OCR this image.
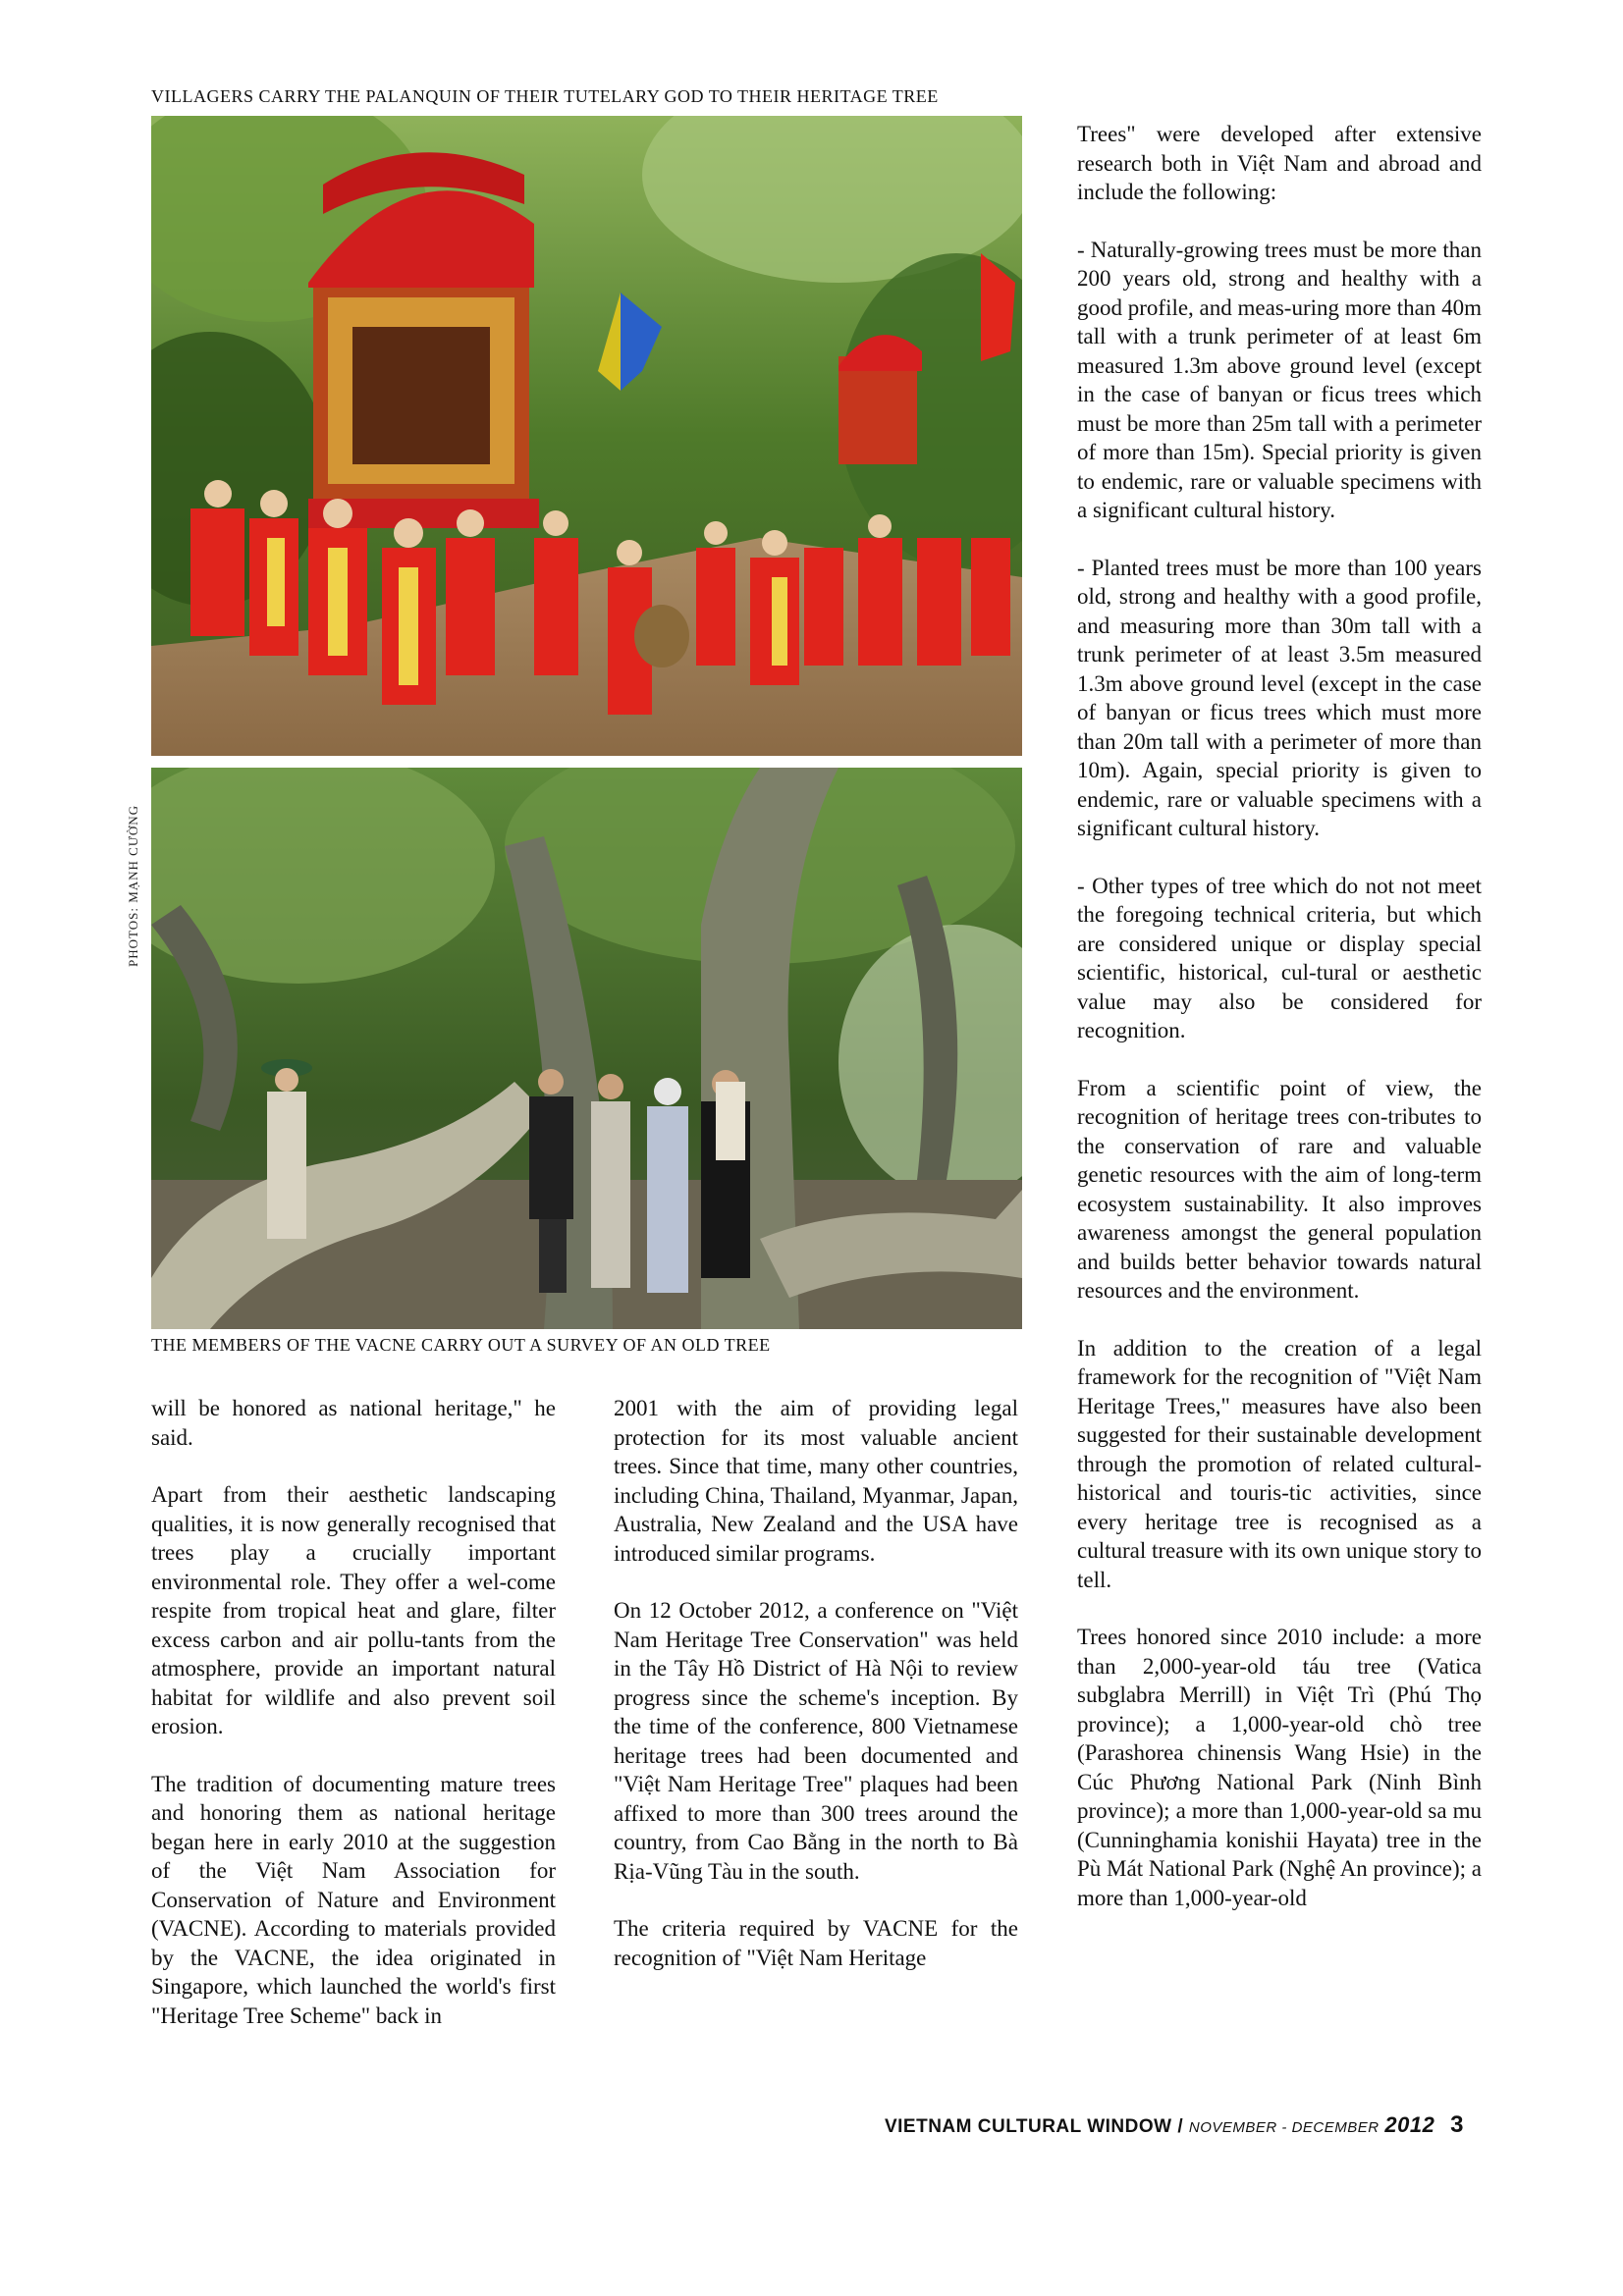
VILLAGERS CARRY THE PALANQUIN OF THEIR TUTELARY GOD TO THEIR HERITAGE TREE
PHOTOS: MẠNH CƯỜNG
THE MEMBERS OF THE VACNE CARRY OUT A SURVEY OF AN OLD TREE

will be honored as national heritage," he said.

Apart from their aesthetic landscaping qualities, it is now generally recognised that trees play a crucially important environmental role. They offer a wel-come respite from tropical heat and glare, filter excess carbon and air pollu-tants from the atmosphere, provide an important natural habitat for wildlife and also prevent soil erosion.

The tradition of documenting mature trees and honoring them as national heritage began here in early 2010 at the suggestion of the Việt Nam Association for Conservation of Nature and Environment (VACNE). According to materials provided by the VACNE, the idea originated in Singapore, which launched the world's first "Heritage Tree Scheme" back in

2001 with the aim of providing legal protection for its most valuable ancient trees. Since that time, many other countries, including China, Thailand, Myanmar, Japan, Australia, New Zealand and the USA have introduced similar programs.

On 12 October 2012, a conference on "Việt Nam Heritage Tree Conservation" was held in the Tây Hồ District of Hà Nội to review progress since the scheme's inception. By the time of the conference, 800 Vietnamese heritage trees had been documented and "Việt Nam Heritage Tree" plaques had been affixed to more than 300 trees around the country, from Cao Bằng in the north to Bà Rịa-Vũng Tàu in the south.

The criteria required by VACNE for the recognition of "Việt Nam Heritage

Trees" were developed after extensive research both in Việt Nam and abroad and include the following:

- Naturally-growing trees must be more than 200 years old, strong and healthy with a good profile, and meas-uring more than 40m tall with a trunk perimeter of at least 6m measured 1.3m above ground level (except in the case of banyan or ficus trees which must be more than 25m tall with a perimeter of more than 15m). Special priority is given to endemic, rare or valuable specimens with a significant cultural history.

- Planted trees must be more than 100 years old, strong and healthy with a good profile, and measuring more than 30m tall with a trunk perimeter of at least 3.5m measured 1.3m above ground level (except in the case of banyan or ficus trees which must more than 20m tall with a perimeter of more than 10m). Again, special priority is given to endemic, rare or valuable specimens with a significant cultural history.

- Other types of tree which do not not meet the foregoing technical criteria, but which are considered unique or display special scientific, historical, cul-tural or aesthetic value may also be considered for recognition.

From a scientific point of view, the recognition of heritage trees con-tributes to the conservation of rare and valuable genetic resources with the aim of long-term ecosystem sustainability. It also improves awareness amongst the general population and builds better behavior towards natural resources and the environment.

In addition to the creation of a legal framework for the recognition of "Việt Nam Heritage Trees," measures have also been suggested for their sustainable development through the promotion of related cultural-historical and touris-tic activities, since every heritage tree is recognised as a cultural treasure with its own unique story to tell.

Trees honored since 2010 include: a more than 2,000-year-old táu tree (Vatica subglabra Merrill) in Việt Trì (Phú Thọ province); a 1,000-year-old chò tree (Parashorea chinensis Wang Hsie) in the Cúc Phương National Park (Ninh Bình province); a more than 1,000-year-old sa mu (Cunninghamia konishii Hayata) tree in the Pù Mát National Park (Nghệ An province); a more than 1,000-year-old

VIETNAM CULTURAL WINDOW / NOVEMBER - DECEMBER 2012 3
